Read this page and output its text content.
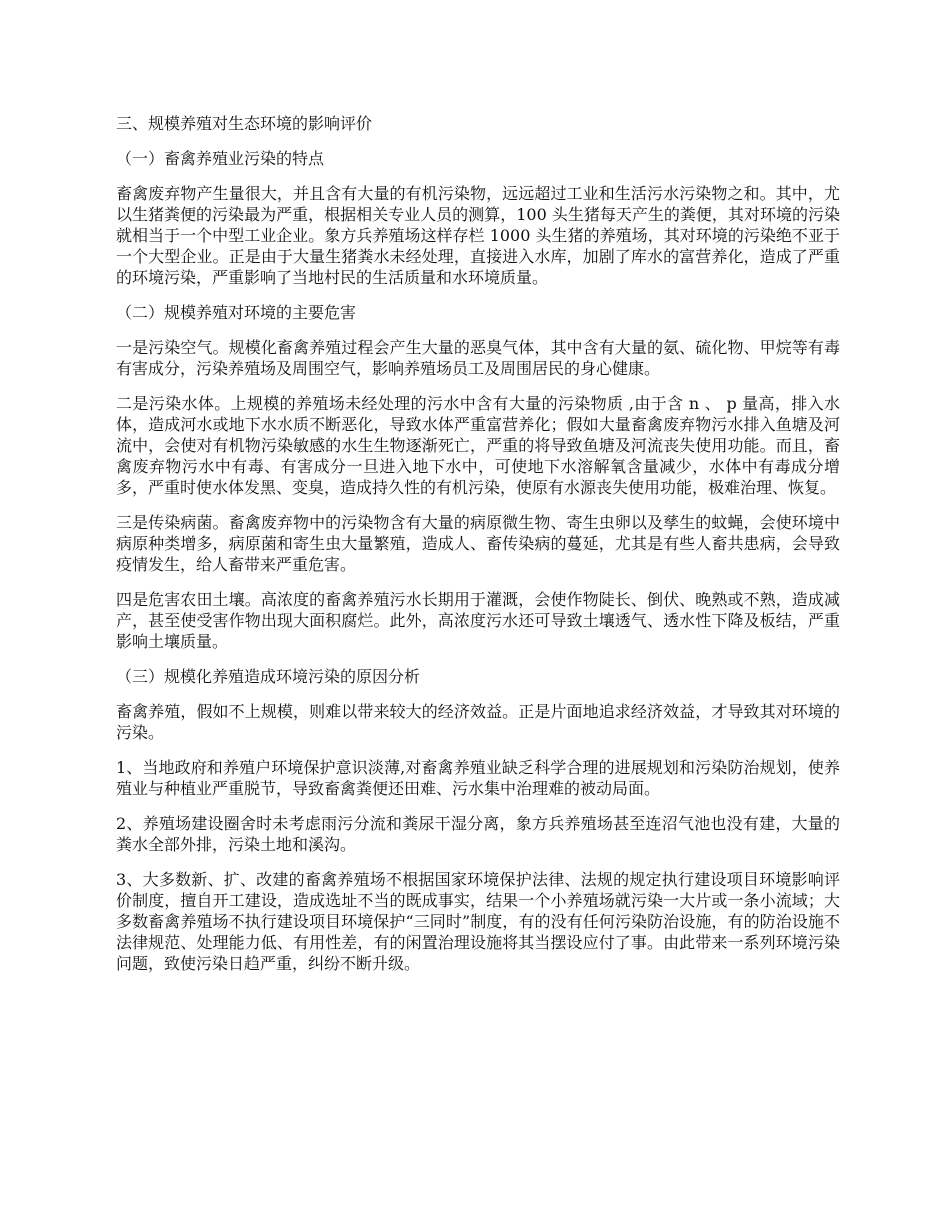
三、规模养殖对生态环境的影响评价

（一）畜禽养殖业污染的特点

畜禽废弃物产生量很大，并且含有大量的有机污染物，远远超过工业和生活污水污染物之和。其中，尤以生猪粪便的污染最为严重，根据相关专业人员的测算，100 头生猪每天产生的粪便，其对环境的污染就相当于一个中型工业企业。象方兵养殖场这样存栏 1000 头生猪的养殖场，其对环境的污染绝不亚于一个大型企业。正是由于大量生猪粪水未经处理，直接进入水库，加剧了库水的富营养化，造成了严重的环境污染，严重影响了当地村民的生活质量和水环境质量。

（二）规模养殖对环境的主要危害

一是污染空气。规模化畜禽养殖过程会产生大量的恶臭气体，其中含有大量的氨、硫化物、甲烷等有毒有害成分，污染养殖场及周围空气，影响养殖场员工及周围居民的身心健康。

二是污染水体。上规模的养殖场未经处理的污水中含有大量的污染物质 ,由于含 n 、 p 量高，排入水体，造成河水或地下水水质不断恶化，导致水体严重富营养化；假如大量畜禽废弃物污水排入鱼塘及河流中，会使对有机物污染敏感的水生生物逐渐死亡，严重的将导致鱼塘及河流丧失使用功能。而且，畜禽废弃物污水中有毒、有害成分一旦进入地下水中，可使地下水溶解氧含量减少，水体中有毒成分增多，严重时使水体发黑、变臭，造成持久性的有机污染，使原有水源丧失使用功能，极难治理、恢复。

三是传染病菌。畜禽废弃物中的污染物含有大量的病原微生物、寄生虫卵以及孳生的蚊蝇，会使环境中病原种类增多，病原菌和寄生虫大量繁殖，造成人、畜传染病的蔓延，尤其是有些人畜共患病，会导致疫情发生，给人畜带来严重危害。

四是危害农田土壤。高浓度的畜禽养殖污水长期用于灌溉，会使作物陡长、倒伏、晚熟或不熟，造成减产，甚至使受害作物出现大面积腐烂。此外，高浓度污水还可导致土壤透气、透水性下降及板结，严重影响土壤质量。

（三）规模化养殖造成环境污染的原因分析

畜禽养殖，假如不上规模，则难以带来较大的经济效益。正是片面地追求经济效益，才导致其对环境的污染。

1、当地政府和养殖户环境保护意识淡薄,对畜禽养殖业缺乏科学合理的进展规划和污染防治规划，使养殖业与种植业严重脱节，导致畜禽粪便还田难、污水集中治理难的被动局面。

2、养殖场建设圈舍时未考虑雨污分流和粪尿干湿分离，象方兵养殖场甚至连沼气池也没有建，大量的粪水全部外排，污染土地和溪沟。

3、大多数新、扩、改建的畜禽养殖场不根据国家环境保护法律、法规的规定执行建设项目环境影响评价制度，擅自开工建设，造成选址不当的既成事实，结果一个小养殖场就污染一大片或一条小流域；大多数畜禽养殖场不执行建设项目环境保护“三同时”制度，有的没有任何污染防治设施，有的防治设施不法律规范、处理能力低、有用性差，有的闲置治理设施将其当摆设应付了事。由此带来一系列环境污染问题，致使污染日趋严重，纠纷不断升级。
